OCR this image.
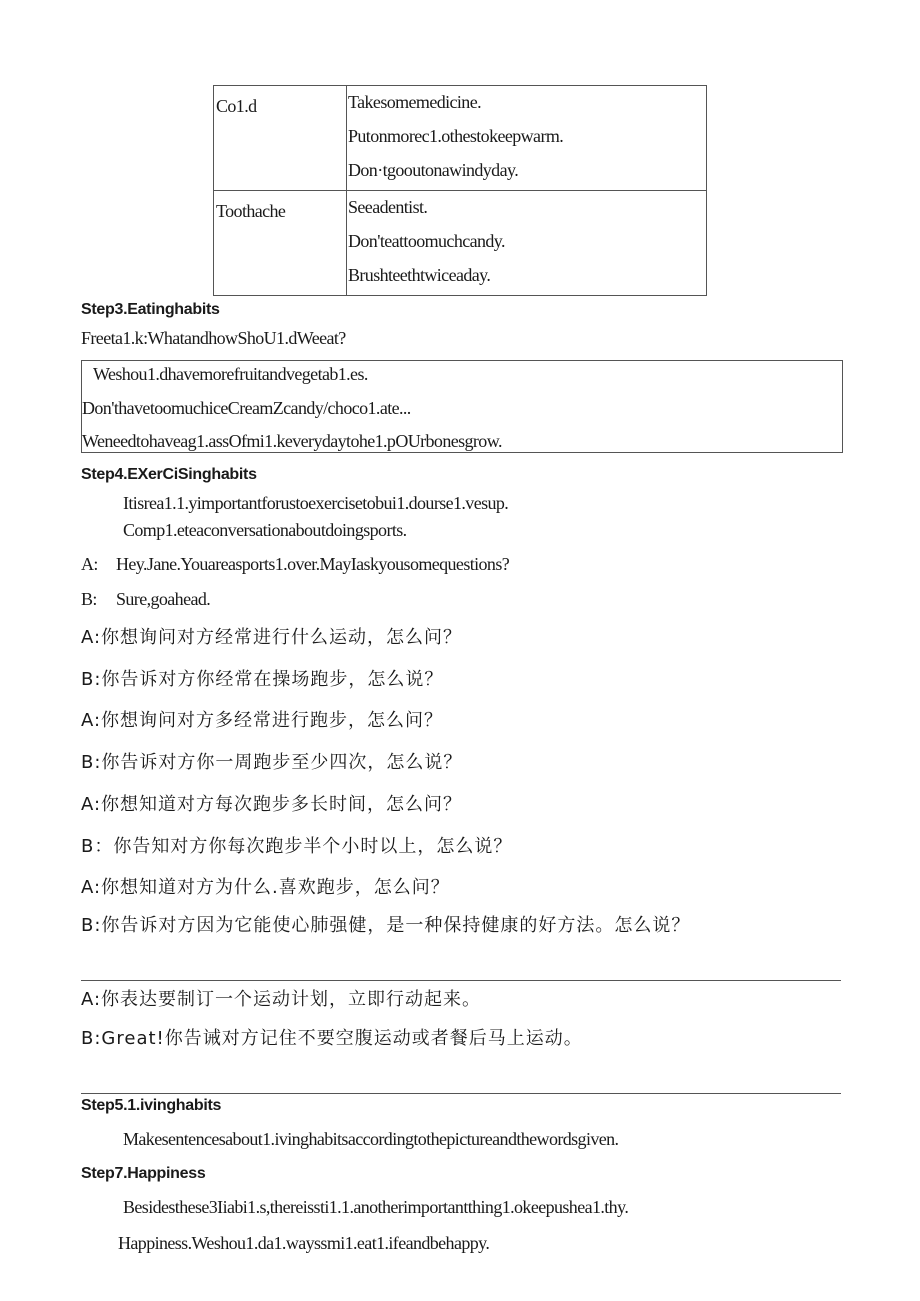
Co1.d	Takesomemedicine.
Putonmorec1.othestokeepwarm.
Don·tgooutonawindyday.

Toothache	Seeadentist.
Don'teattoomuchcandy.
Brushteethtwiceaday.
Step3.Eatinghabits
Freeta1.k:WhatandhowShoU1.dWeeat?
Weshou1.dhavemorefruitandvegetab1.es.
Don'thavetoomuchiceCreamZcandy/choco1.ate...
Weneedtohaveag1.assOfmi1.keverydaytohe1.pOUrbonesgrow.
Step4.EXerCiSinghabits
Itisrea1.1.yimportantforustoexercisetobui1.dourse1.vesup.
Comp1.eteaconversationaboutdoingsports.
A: Hey.Jane.Youareasports1.over.MayIaskyousomequestions?
B: Sure,goahead.
A:你想询问对方经常进行什么运动，怎么问？
B:你告诉对方你经常在操场跑步，怎么说？
A:你想询问对方多经常进行跑步，怎么问？
B:你告诉对方你一周跑步至少四次，怎么说？
A:你想知道对方每次跑步多长时间，怎么问？
B：你告知对方你每次跑步半个小时以上，怎么说？
A:你想知道对方为什么.喜欢跑步，怎么问？
B:你告诉对方因为它能使心肺强健，是一种保持健康的好方法。怎么说？
A:你表达要制订一个运动计划，立即行动起来。
B:Great!你告诫对方记住不要空腹运动或者餐后马上运动。
Step5.1.ivinghabits
Makesentencesabout1.ivinghabitsaccordingtothepictureandthewordsgiven.
Step7.Happiness
Besidesthese3Iiabi1.s,thereissti1.1.anotherimportantthing1.okeepushea1.thy.
Happiness.Weshou1.da1.wayssmi1.eat1.ifeandbehappy.
